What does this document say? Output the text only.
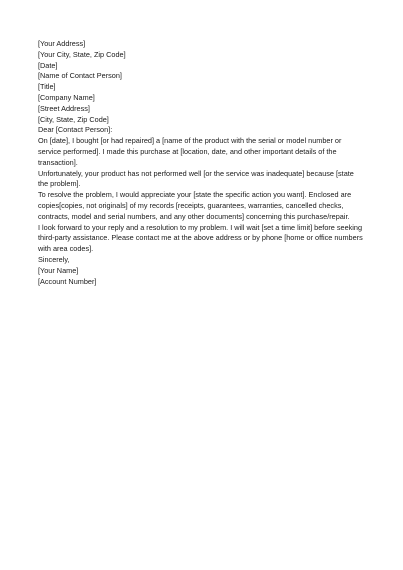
[Your Address]
[Your City, State, Zip Code]
[Date]
[Name of Contact Person]
[Title]
[Company Name]
[Street Address]
[City, State, Zip Code]
Dear [Contact Person]:
On [date], I bought [or had repaired] a [name of the product with the serial or model number or service performed]. I made this purchase at [location, date, and other important details of the transaction].
Unfortunately, your product has not performed well [or the service was inadequate] because [state the problem].
To resolve the problem, I would appreciate your [state the specific action you want]. Enclosed are copies[copies, not originals] of my records [receipts, guarantees, warranties, cancelled checks, contracts, model and serial numbers, and any other documents] concerning this purchase/repair.
I look forward to your reply and a resolution to my problem. I will wait [set a time limit] before seeking third-party assistance. Please contact me at the above address or by phone [home or office numbers with area codes].
Sincerely,
[Your Name]
[Account Number]
